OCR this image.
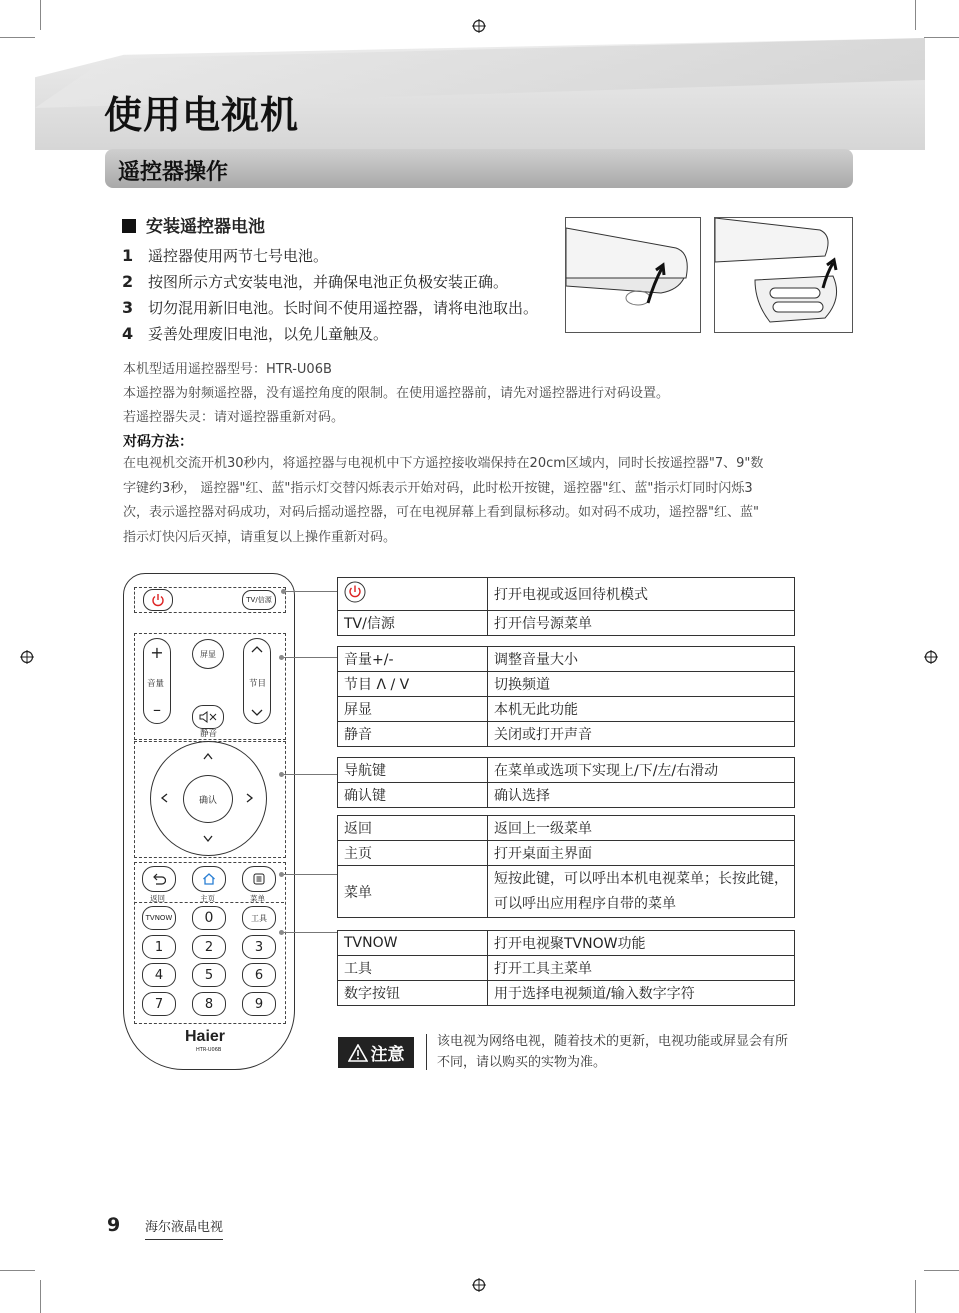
使用电视机
遥控器操作
安装遥控器电池
1 遥控器使用两节七号电池。
2 按图所示方式安装电池，并确保电池正负极安装正确。
3 切勿混用新旧电池。长时间不使用遥控器，请将电池取出。
4 妥善处理废旧电池，以免儿童触及。
本机型适用遥控器型号：HTR-U06B
本遥控器为射频遥控器，没有遥控角度的限制。在使用遥控器前，请先对遥控器进行对码设置。
若遥控器失灵：请对遥控器重新对码。
对码方法：
在电视机交流开机30秒内，将遥控器与电视机中下方遥控接收端保持在20cm区域内，同时长按遥控器"7、9"数
字键约3秒， 遥控器"红、蓝"指示灯交替闪烁表示开始对码，此时松开按键，遥控器"红、蓝"指示灯同时闪烁3
次，表示遥控器对码成功，对码后摇动遥控器，可在电视屏幕上看到鼠标移动。如对码不成功，遥控器"红、蓝"
指示灯快闪后灭掉，请重复以上操作重新对码。
TV/信源
+
–
音量
屏显
节目
静音
确认
返回	主页	菜单
TVNOW	0	工具
1	2	3
4	5	6
7	8	9
Haier
HTR-U06B
	打开电视或返回待机模式
TV/信源	打开信号源菜单
音量+/-	调整音量大小
节目 Λ / V	切换频道
屏显	本机无此功能
静音	关闭或打开声音
导航键	在菜单或选项下实现上/下/左/右滑动
确认键	确认选择
返回	返回上一级菜单
主页	打开桌面主界面
菜单	短按此键，可以呼出本机电视菜单；长按此键，可以呼出应用程序自带的菜单
TVNOW	打开电视聚TVNOW功能
工具	打开工具主菜单
数字按钮	用于选择电视频道/输入数字字符
注意
该电视为网络电视，随着技术的更新，电视功能或屏显会有所不同，请以购买的实物为准。
9 海尔液晶电视
